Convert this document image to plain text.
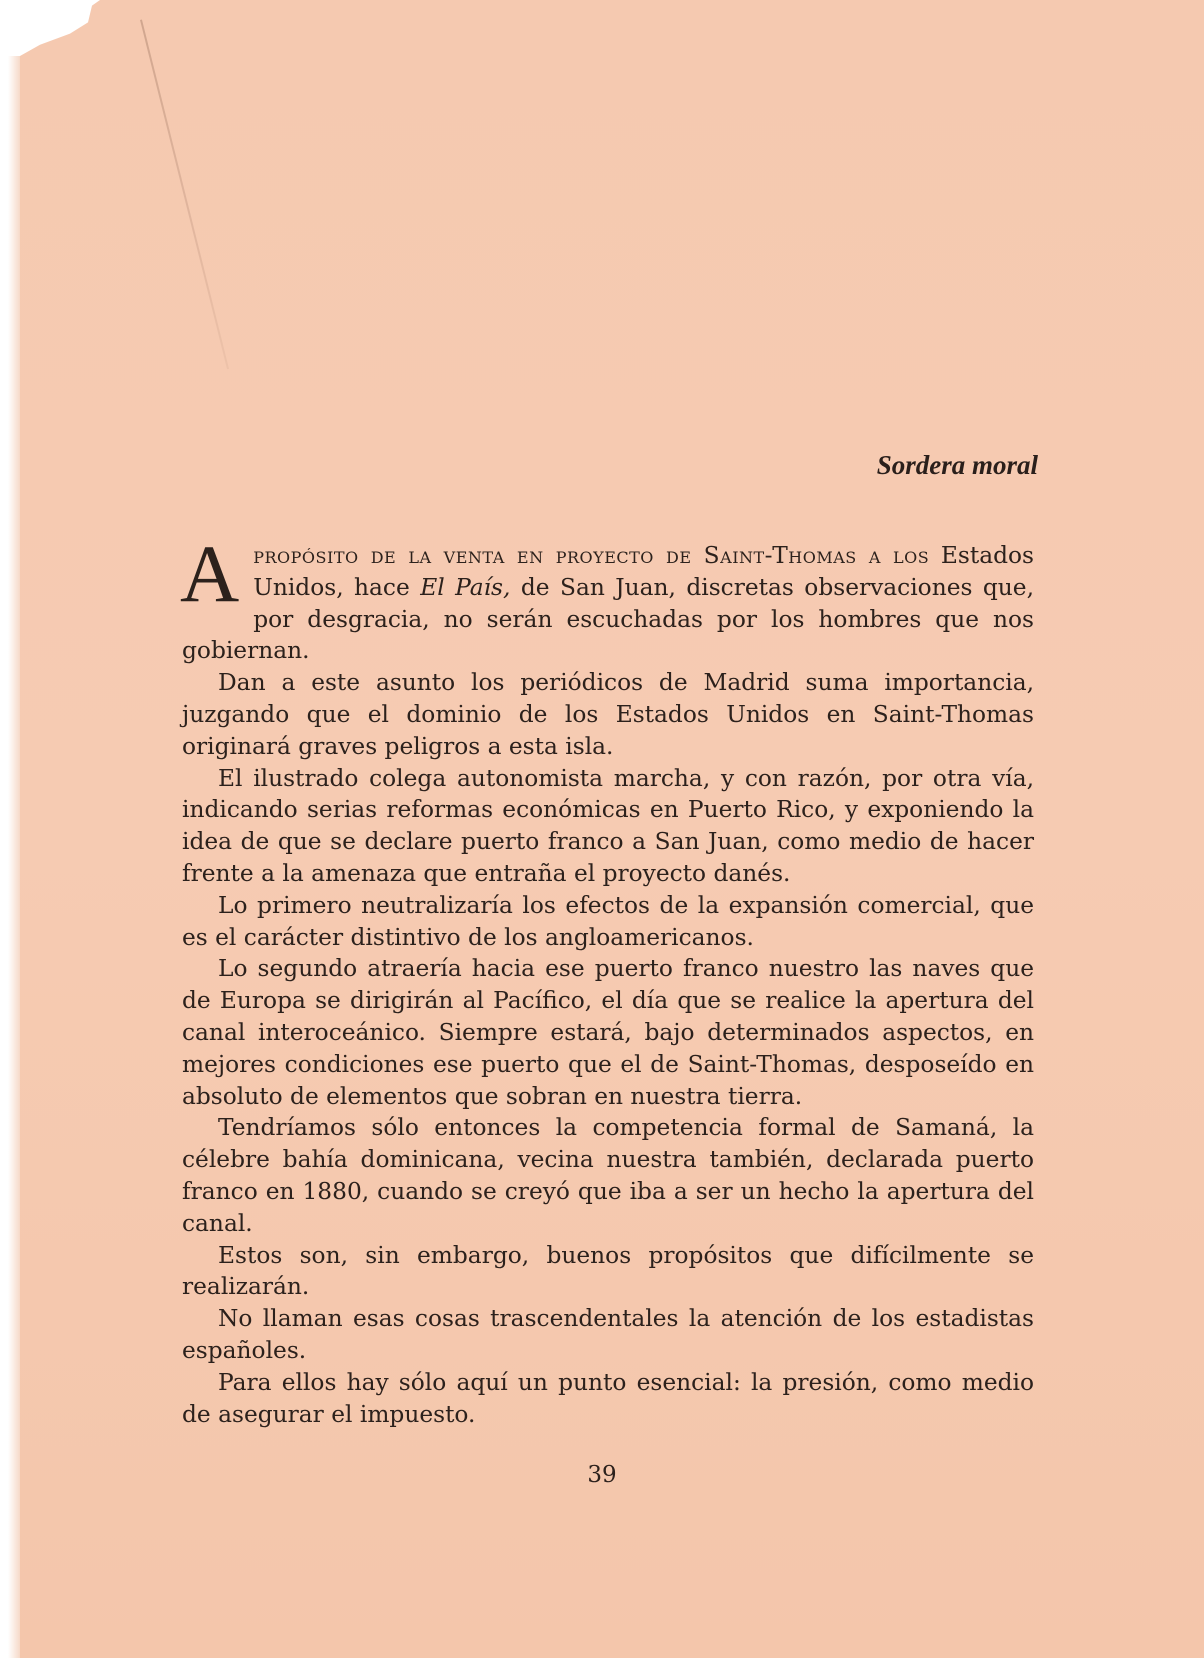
Sordera moral

Apropósito de la venta en proyecto de Saint-Thomas a los Estados Unidos, hace El País, de San Juan, discretas observaciones que, por desgracia, no serán escuchadas por los hombres que nos gobiernan.

Dan a este asunto los periódicos de Madrid suma importancia, juzgando que el dominio de los Estados Unidos en Saint-Thomas originará graves peligros a esta isla.

El ilustrado colega autonomista marcha, y con razón, por otra vía, indicando serias reformas económicas en Puerto Rico, y exponiendo la idea de que se declare puerto franco a San Juan, como medio de hacer frente a la amenaza que entraña el proyecto danés.

Lo primero neutralizaría los efectos de la expansión comercial, que es el carácter distintivo de los angloamericanos.

Lo segundo atraería hacia ese puerto franco nuestro las naves que de Europa se dirigirán al Pacífico, el día que se realice la apertura del canal interoceánico. Siempre estará, bajo determinados aspectos, en mejores condiciones ese puerto que el de Saint-Thomas, desposeído en absoluto de elementos que sobran en nuestra tierra.

Tendríamos sólo entonces la competencia formal de Samaná, la célebre bahía dominicana, vecina nuestra también, declarada puerto franco en 1880, cuando se creyó que iba a ser un hecho la apertura del canal.

Estos son, sin embargo, buenos propósitos que difícilmente se realizarán.

No llaman esas cosas trascendentales la atención de los estadistas españoles.

Para ellos hay sólo aquí un punto esencial: la presión, como medio de asegurar el impuesto.

39
